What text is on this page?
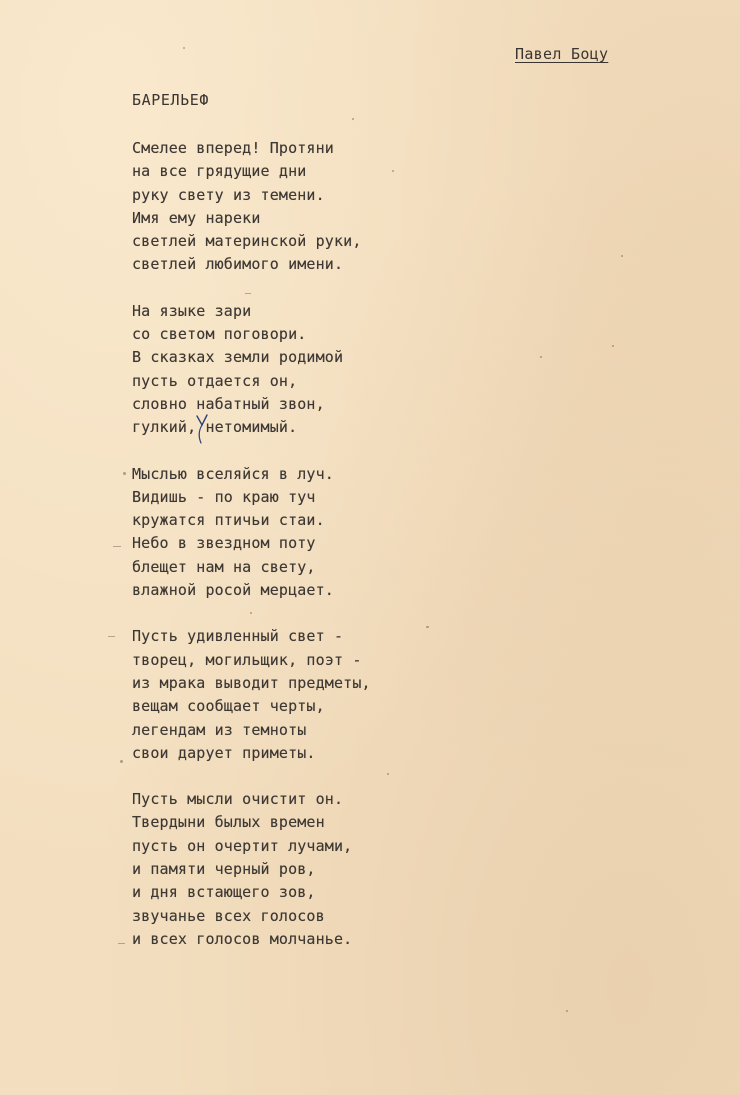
Павел Боцу
БАРЕЛЬЕФ
Смелее вперед! Протяни
на все грядущие дни
руку свету из темени.
Имя ему нареки
светлей материнской руки,
светлей любимого имени.
На языке зари
со светом поговори.
В сказках земли родимой
пусть отдается он,
словно набатный звон,
гулкий, нетомимый.
Мыслью вселяйся в луч.
Видишь - по краю туч
кружатся птичьи стаи.
Небо в звездном поту
блещет нам на свету,
влажной росой мерцает.
Пусть удивленный свет -
творец, могильщик, поэт -
из мрака выводит предметы,
вещам сообщает черты,
легендам из темноты
свои дарует приметы.
Пусть мысли очистит он.
Твердыни былых времен
пусть он очертит лучами,
и памяти черный ров,
и дня встающего зов,
звучанье всех голосов
и всех голосов молчанье.
